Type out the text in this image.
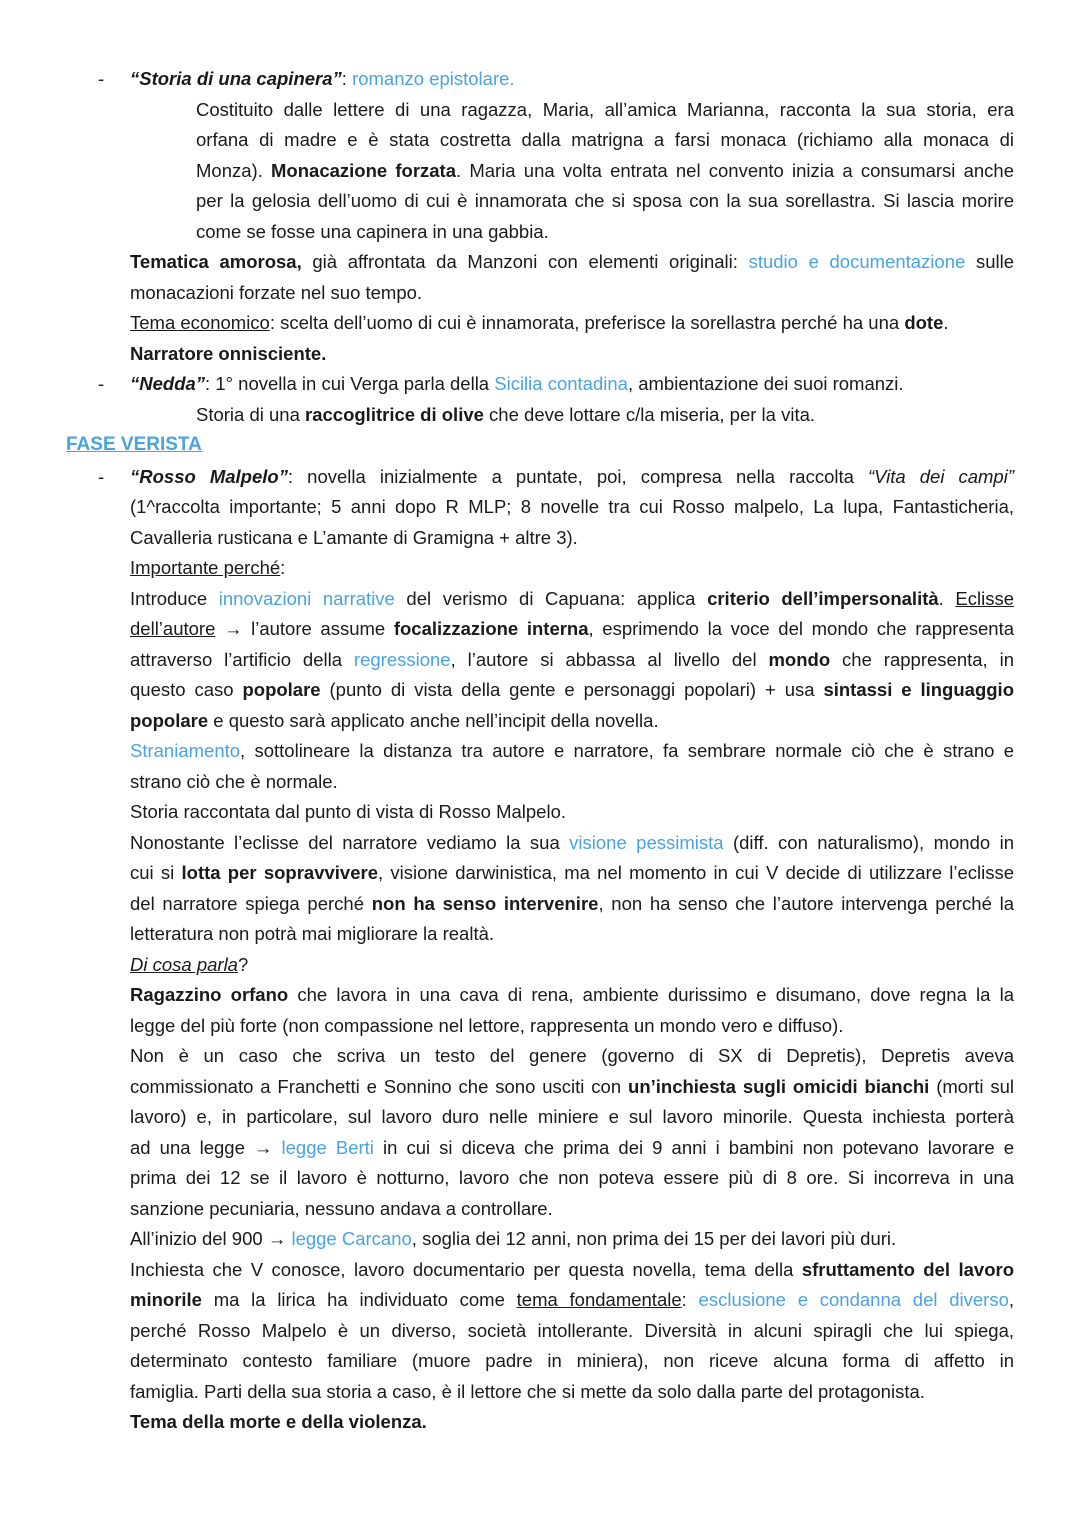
- “Storia di una capinera”: romanzo epistolare.
Costituito dalle lettere di una ragazza, Maria, all’amica Marianna, racconta la sua storia, era
orfana di madre e è stata costretta dalla matrigna a farsi monaca (richiamo alla monaca di
Monza). Monacazione forzata. Maria una volta entrata nel convento inizia a consumarsi anche
per la gelosia dell’uomo di cui è innamorata che si sposa con la sua sorellastra. Si lascia morire
come se fosse una capinera in una gabbia.
Tematica amorosa, già affrontata da Manzoni con elementi originali: studio e documentazione sulle
monacazioni forzate nel suo tempo.
Tema economico: scelta dell’uomo di cui è innamorata, preferisce la sorellastra perché ha una dote.
Narratore onnisciente.
- “Nedda”: 1° novella in cui Verga parla della Sicilia contadina, ambientazione dei suoi romanzi.
Storia di una raccoglitrice di olive che deve lottare c/la miseria, per la vita.
FASE VERISTA
- “Rosso Malpelo”: novella inizialmente a puntate, poi, compresa nella raccolta “Vita dei campi”
(1^raccolta importante; 5 anni dopo R MLP; 8 novelle tra cui Rosso malpelo, La lupa, Fantasticheria,
Cavalleria rusticana e L’amante di Gramigna + altre 3).
Importante perché:
Introduce innovazioni narrative del verismo di Capuana: applica criterio dell’impersonalità. Eclisse
dell’autore → l’autore assume focalizzazione interna, esprimendo la voce del mondo che rappresenta
attraverso l’artificio della regressione, l’autore si abbassa al livello del mondo che rappresenta, in
questo caso popolare (punto di vista della gente e personaggi popolari) + usa sintassi e linguaggio
popolare e questo sarà applicato anche nell’incipit della novella.
Straniamento, sottolineare la distanza tra autore e narratore, fa sembrare normale ciò che è strano e
strano ciò che è normale.
Storia raccontata dal punto di vista di Rosso Malpelo.
Nonostante l’eclisse del narratore vediamo la sua visione pessimista (diff. con naturalismo), mondo in
cui si lotta per sopravvivere, visione darwinistica, ma nel momento in cui V decide di utilizzare l’eclisse
del narratore spiega perché non ha senso intervenire, non ha senso che l’autore intervenga perché la
letteratura non potrà mai migliorare la realtà.
Di cosa parla?
Ragazzino orfano che lavora in una cava di rena, ambiente durissimo e disumano, dove regna la la
legge del più forte (non compassione nel lettore, rappresenta un mondo vero e diffuso).
Non è un caso che scriva un testo del genere (governo di SX di Depretis), Depretis aveva
commissionato a Franchetti e Sonnino che sono usciti con un’inchiesta sugli omicidi bianchi (morti sul
lavoro) e, in particolare, sul lavoro duro nelle miniere e sul lavoro minorile. Questa inchiesta porterà
ad una legge → legge Berti in cui si diceva che prima dei 9 anni i bambini non potevano lavorare e
prima dei 12 se il lavoro è notturno, lavoro che non poteva essere più di 8 ore. Si incorreva in una
sanzione pecuniaria, nessuno andava a controllare.
All’inizio del 900 → legge Carcano, soglia dei 12 anni, non prima dei 15 per dei lavori più duri.
Inchiesta che V conosce, lavoro documentario per questa novella, tema della sfruttamento del lavoro
minorile ma la lirica ha individuato come tema fondamentale: esclusione e condanna del diverso,
perché Rosso Malpelo è un diverso, società intollerante. Diversità in alcuni spiragli che lui spiega,
determinato contesto familiare (muore padre in miniera), non riceve alcuna forma di affetto in
famiglia. Parti della sua storia a caso, è il lettore che si mette da solo dalla parte del protagonista.
Tema della morte e della violenza.
